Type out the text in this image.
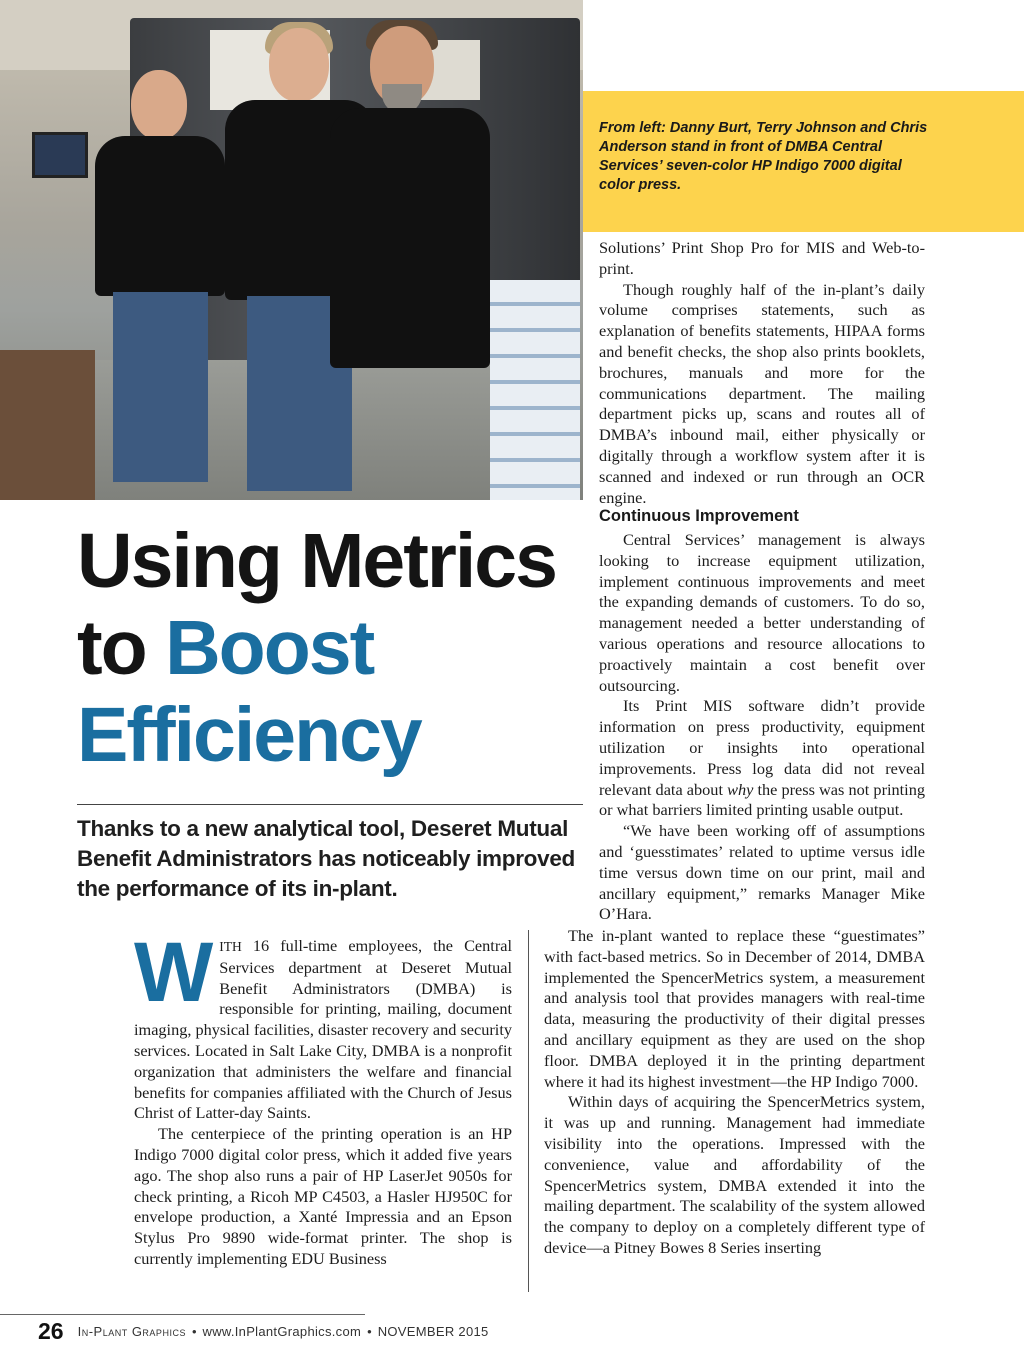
From left: Danny Burt, Terry Johnson and Chris Anderson stand in front of DMBA Central Services’ seven-color HP Indigo 7000 digital color press.
Using Metrics
to Boost
Efficiency
Thanks to a new analytical tool, Deseret Mutual Benefit Administrators has noticeably improved the performance of its in-plant.

WITH 16 full-time employees, the Central Services department at Deseret Mutual Benefit Administrators (DMBA) is responsible for printing, mailing, document imaging, physical facilities, disaster recovery and security services. Located in Salt Lake City, DMBA is a nonprofit organization that administers the welfare and financial benefits for companies affiliated with the Church of Jesus Christ of Latter-day Saints.

The centerpiece of the printing operation is an HP Indigo 7000 digital color press, which it added five years ago. The shop also runs a pair of HP LaserJet 9050s for check printing, a Ricoh MP C4503, a Hasler HJ950C for envelope production, a Xanté Impressia and an Epson Stylus Pro 9890 wide-format printer. The shop is currently implementing EDU Business

Solutions’ Print Shop Pro for MIS and Web-to-print.

Though roughly half of the in-plant’s daily volume comprises statements, such as explanation of benefits statements, HIPAA forms and benefit checks, the shop also prints booklets, brochures, manuals and more for the communications department. The mailing department picks up, scans and routes all of DMBA’s inbound mail, either physically or digitally through a workflow system after it is scanned and indexed or run through an OCR engine.

Continuous Improvement

Central Services’ management is always looking to increase equipment utilization, implement continuous improvements and meet the expanding demands of customers. To do so, management needed a better understanding of various operations and resource allocations to proactively maintain a cost benefit over outsourcing.

Its Print MIS software didn’t provide information on press productivity, equipment utilization or insights into operational improvements. Press log data did not reveal relevant data about why the press was not printing or what barriers limited printing usable output.

“We have been working off of assumptions and ‘guesstimates’ related to uptime versus idle time versus down time on our print, mail and ancillary equipment,” remarks Manager Mike O’Hara.

The in-plant wanted to replace these “guestimates” with fact-based metrics. So in December of 2014, DMBA implemented the SpencerMetrics system, a measurement and analysis tool that provides managers with real-time data, measuring the productivity of their digital presses and ancillary equipment as they are used on the shop floor. DMBA deployed it in the printing department where it had its highest investment—the HP Indigo 7000.

Within days of acquiring the SpencerMetrics system, it was up and running. Management had immediate visibility into the operations. Impressed with the convenience, value and affordability of the SpencerMetrics system, DMBA extended it into the mailing department. The scalability of the system allowed the company to deploy on a completely different type of device—a Pitney Bowes 8 Series inserting

26 In-Plant Graphics • www.InPlantGraphics.com • NOVEMBER 2015
